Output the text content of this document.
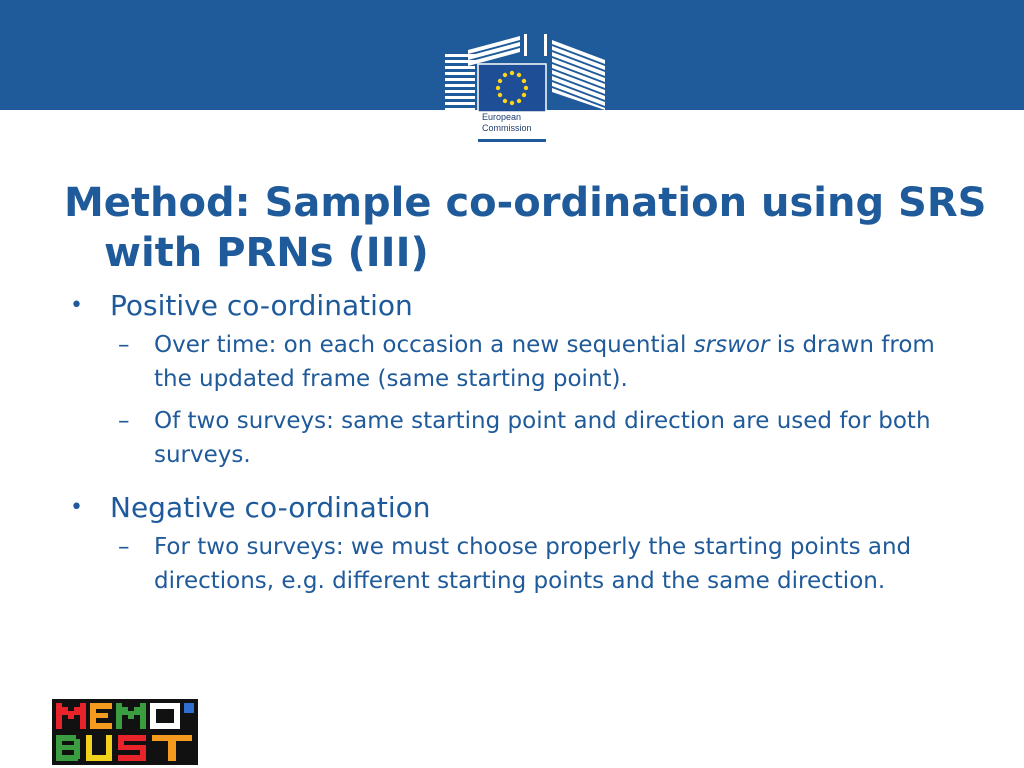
European
Commission
Method: Sample co-ordination using SRS with PRNs (III)
• Positive co-ordination
– Over time: on each occasion a new sequential srswor is drawn from the updated frame (same starting point).
– Of two surveys: same starting point and direction are used for both surveys.
• Negative co-ordination
– For two surveys: we must choose properly the starting points and directions, e.g. different starting points and the same direction.
